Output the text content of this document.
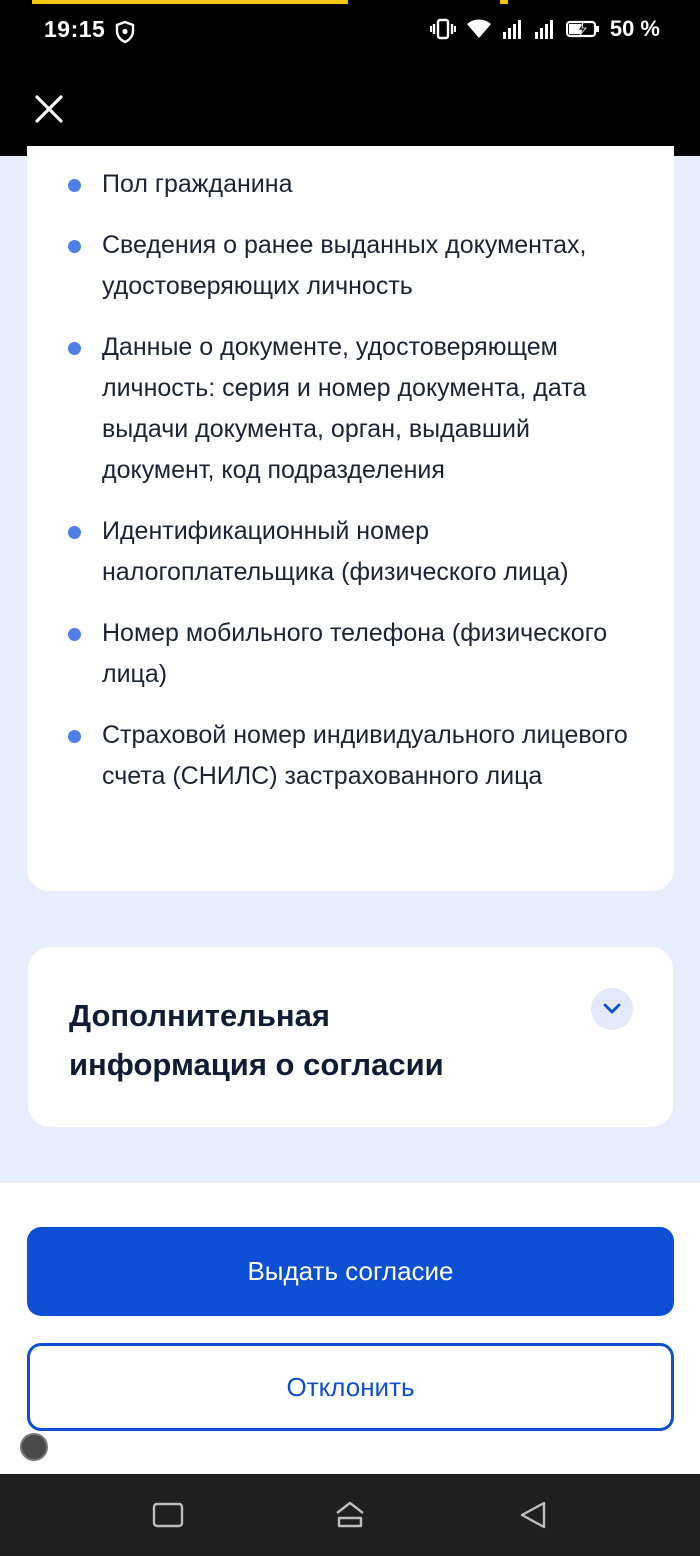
19:15	50 %
Пол гражданина
Сведения о ранее выданных документах, удостоверяющих личность
Данные о документе, удостоверяющем личность: серия и номер документа, дата выдачи документа, орган, выдавший документ, код подразделения
Идентификационный номер налогоплательщика (физического лица)
Номер мобильного телефона (физического лица)
Страховой номер индивидуального лицевого счета (СНИЛС) застрахованного лица
Дополнительная информация о согласии
Выдать согласие
Отклонить
